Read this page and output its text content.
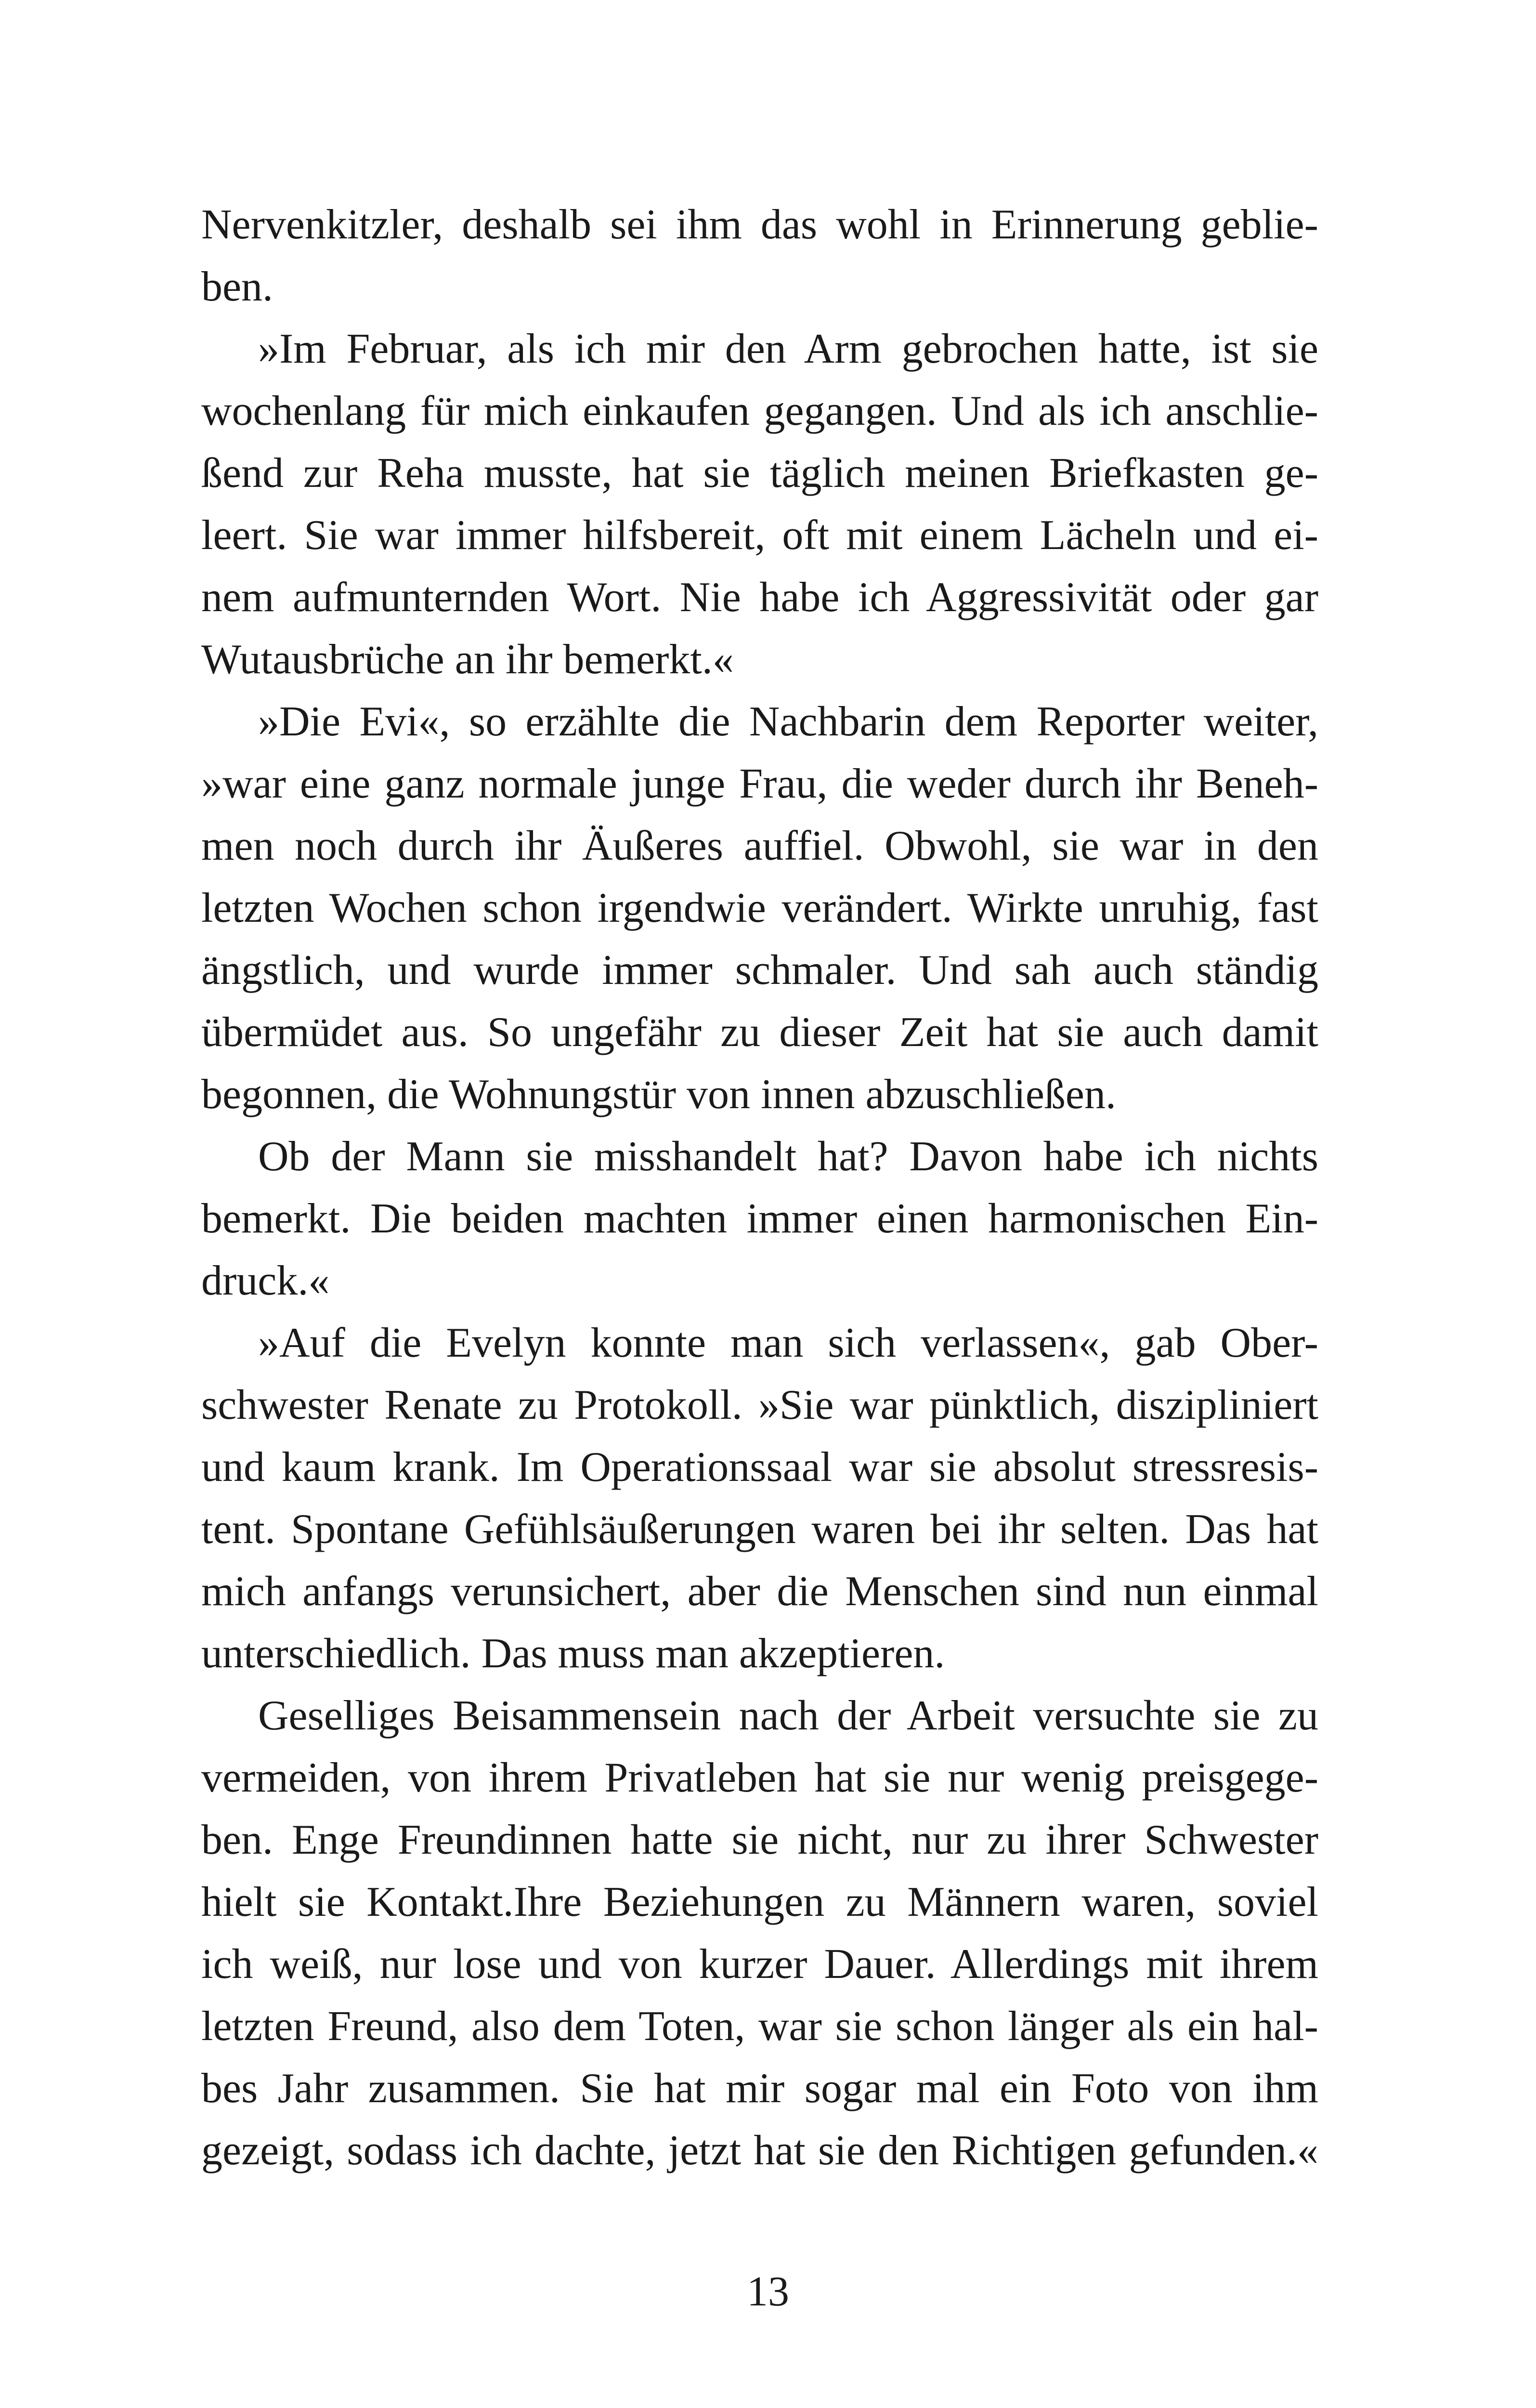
Nervenkitzler, deshalb sei ihm das wohl in Erinnerung geblie-
ben.
»Im Februar, als ich mir den Arm gebrochen hatte, ist sie
wochenlang für mich einkaufen gegangen. Und als ich anschlie-
ßend zur Reha musste, hat sie täglich meinen Briefkasten ge-
leert. Sie war immer hilfsbereit, oft mit einem Lächeln und ei-
nem aufmunternden Wort. Nie habe ich Aggressivität oder gar
Wutausbrüche an ihr bemerkt.«
»Die Evi«, so erzählte die Nachbarin dem Reporter weiter,
»war eine ganz normale junge Frau, die weder durch ihr Beneh-
men noch durch ihr Äußeres auffiel. Obwohl, sie war in den
letzten Wochen schon irgendwie verändert. Wirkte unruhig, fast
ängstlich, und wurde immer schmaler. Und sah auch ständig
übermüdet aus. So ungefähr zu dieser Zeit hat sie auch damit
begonnen, die Wohnungstür von innen abzuschließen.
Ob der Mann sie misshandelt hat? Davon habe ich nichts
bemerkt. Die beiden machten immer einen harmonischen Ein-
druck.«
»Auf die Evelyn konnte man sich verlassen«, gab Ober-
schwester Renate zu Protokoll. »Sie war pünktlich, diszipliniert
und kaum krank. Im Operationssaal war sie absolut stressresis-
tent. Spontane Gefühlsäußerungen waren bei ihr selten. Das hat
mich anfangs verunsichert, aber die Menschen sind nun einmal
unterschiedlich. Das muss man akzeptieren.
Geselliges Beisammensein nach der Arbeit versuchte sie zu
vermeiden, von ihrem Privatleben hat sie nur wenig preisgege-
ben. Enge Freundinnen hatte sie nicht, nur zu ihrer Schwester
hielt sie Kontakt.Ihre Beziehungen zu Männern waren, soviel
ich weiß, nur lose und von kurzer Dauer. Allerdings mit ihrem
letzten Freund, also dem Toten, war sie schon länger als ein hal-
bes Jahr zusammen. Sie hat mir sogar mal ein Foto von ihm
gezeigt, sodass ich dachte, jetzt hat sie den Richtigen gefunden.«
13
